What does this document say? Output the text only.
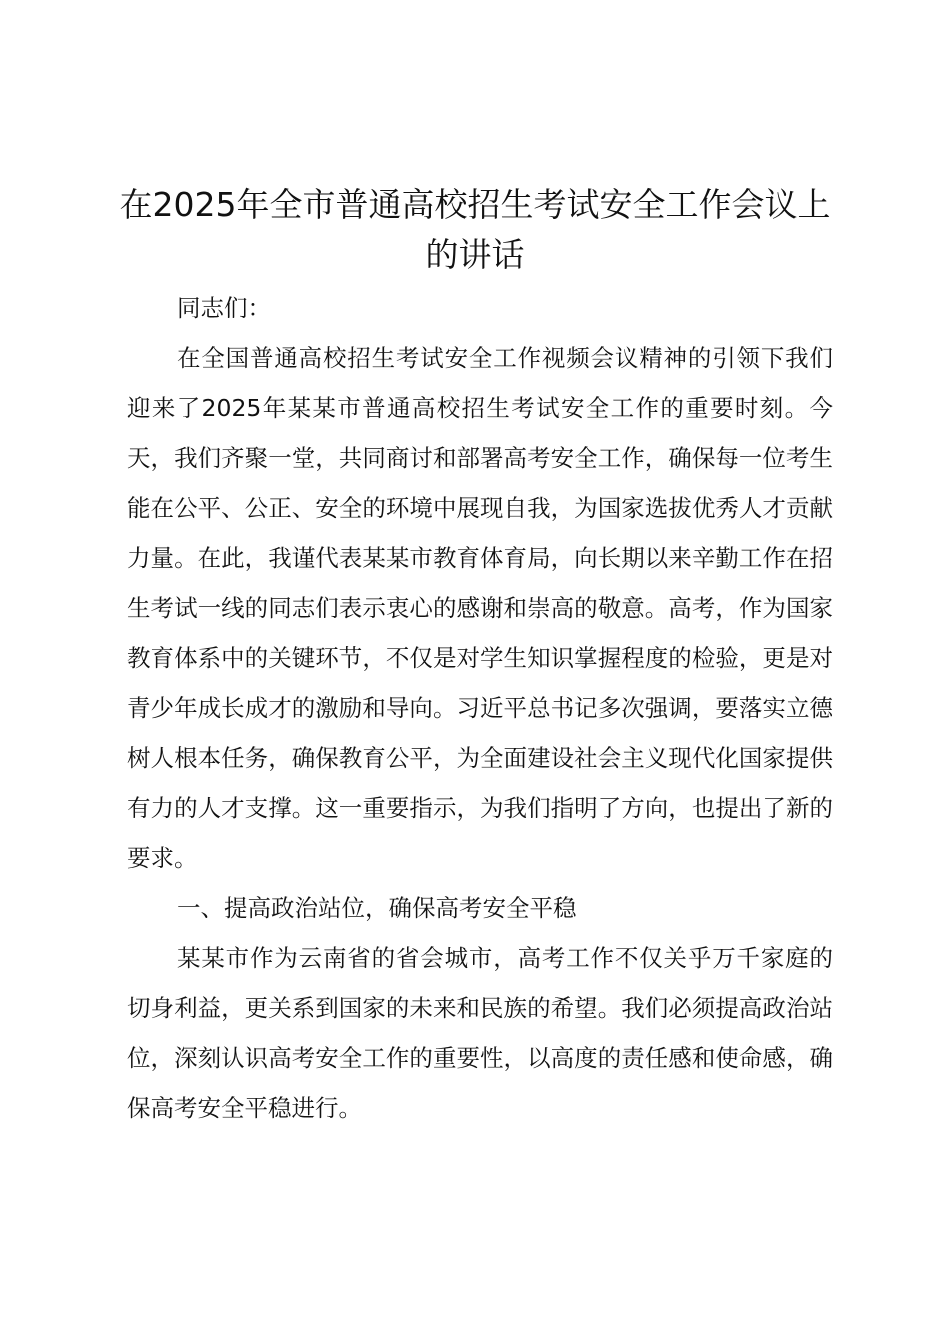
在2025年全市普通高校招生考试安全工作会议上的讲话

同志们：

在全国普通高校招生考试安全工作视频会议精神的引领下我们迎来了2025年某某市普通高校招生考试安全工作的重要时刻。今天，我们齐聚一堂，共同商讨和部署高考安全工作，确保每一位考生能在公平、公正、安全的环境中展现自我，为国家选拔优秀人才贡献力量。在此，我谨代表某某市教育体育局，向长期以来辛勤工作在招生考试一线的同志们表示衷心的感谢和崇高的敬意。高考，作为国家教育体系中的关键环节，不仅是对学生知识掌握程度的检验，更是对青少年成长成才的激励和导向。习近平总书记多次强调，要落实立德树人根本任务，确保教育公平，为全面建设社会主义现代化国家提供有力的人才支撑。这一重要指示，为我们指明了方向，也提出了新的要求。

一、提高政治站位，确保高考安全平稳

某某市作为云南省的省会城市，高考工作不仅关乎万千家庭的切身利益，更关系到国家的未来和民族的希望。我们必须提高政治站位，深刻认识高考安全工作的重要性，以高度的责任感和使命感，确保高考安全平稳进行。
